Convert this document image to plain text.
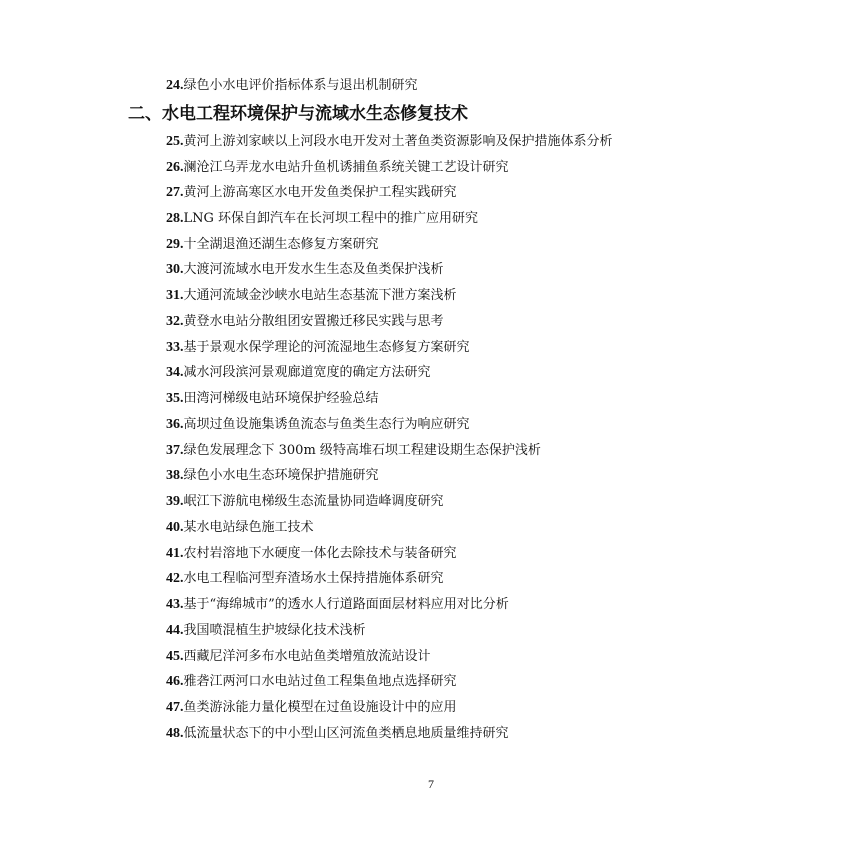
24.绿色小水电评价指标体系与退出机制研究
二、水电工程环境保护与流域水生态修复技术
25.黄河上游刘家峡以上河段水电开发对土著鱼类资源影响及保护措施体系分析
26.澜沧江乌弄龙水电站升鱼机诱捕鱼系统关键工艺设计研究
27.黄河上游高寒区水电开发鱼类保护工程实践研究
28.LNG 环保自卸汽车在长河坝工程中的推广应用研究
29.十全湖退渔还湖生态修复方案研究
30.大渡河流域水电开发水生生态及鱼类保护浅析
31.大通河流域金沙峡水电站生态基流下泄方案浅析
32.黄登水电站分散组团安置搬迁移民实践与思考
33.基于景观水保学理论的河流湿地生态修复方案研究
34.减水河段滨河景观廊道宽度的确定方法研究
35.田湾河梯级电站环境保护经验总结
36.高坝过鱼设施集诱鱼流态与鱼类生态行为响应研究
37.绿色发展理念下 300m 级特高堆石坝工程建设期生态保护浅析
38.绿色小水电生态环境保护措施研究
39.岷江下游航电梯级生态流量协同造峰调度研究
40.某水电站绿色施工技术
41.农村岩溶地下水硬度一体化去除技术与装备研究
42.水电工程临河型弃渣场水土保持措施体系研究
43.基于“海绵城市”的透水人行道路面面层材料应用对比分析
44.我国喷混植生护坡绿化技术浅析
45.西藏尼洋河多布水电站鱼类增殖放流站设计
46.雅砻江两河口水电站过鱼工程集鱼地点选择研究
47.鱼类游泳能力量化模型在过鱼设施设计中的应用
48.低流量状态下的中小型山区河流鱼类栖息地质量维持研究
7
